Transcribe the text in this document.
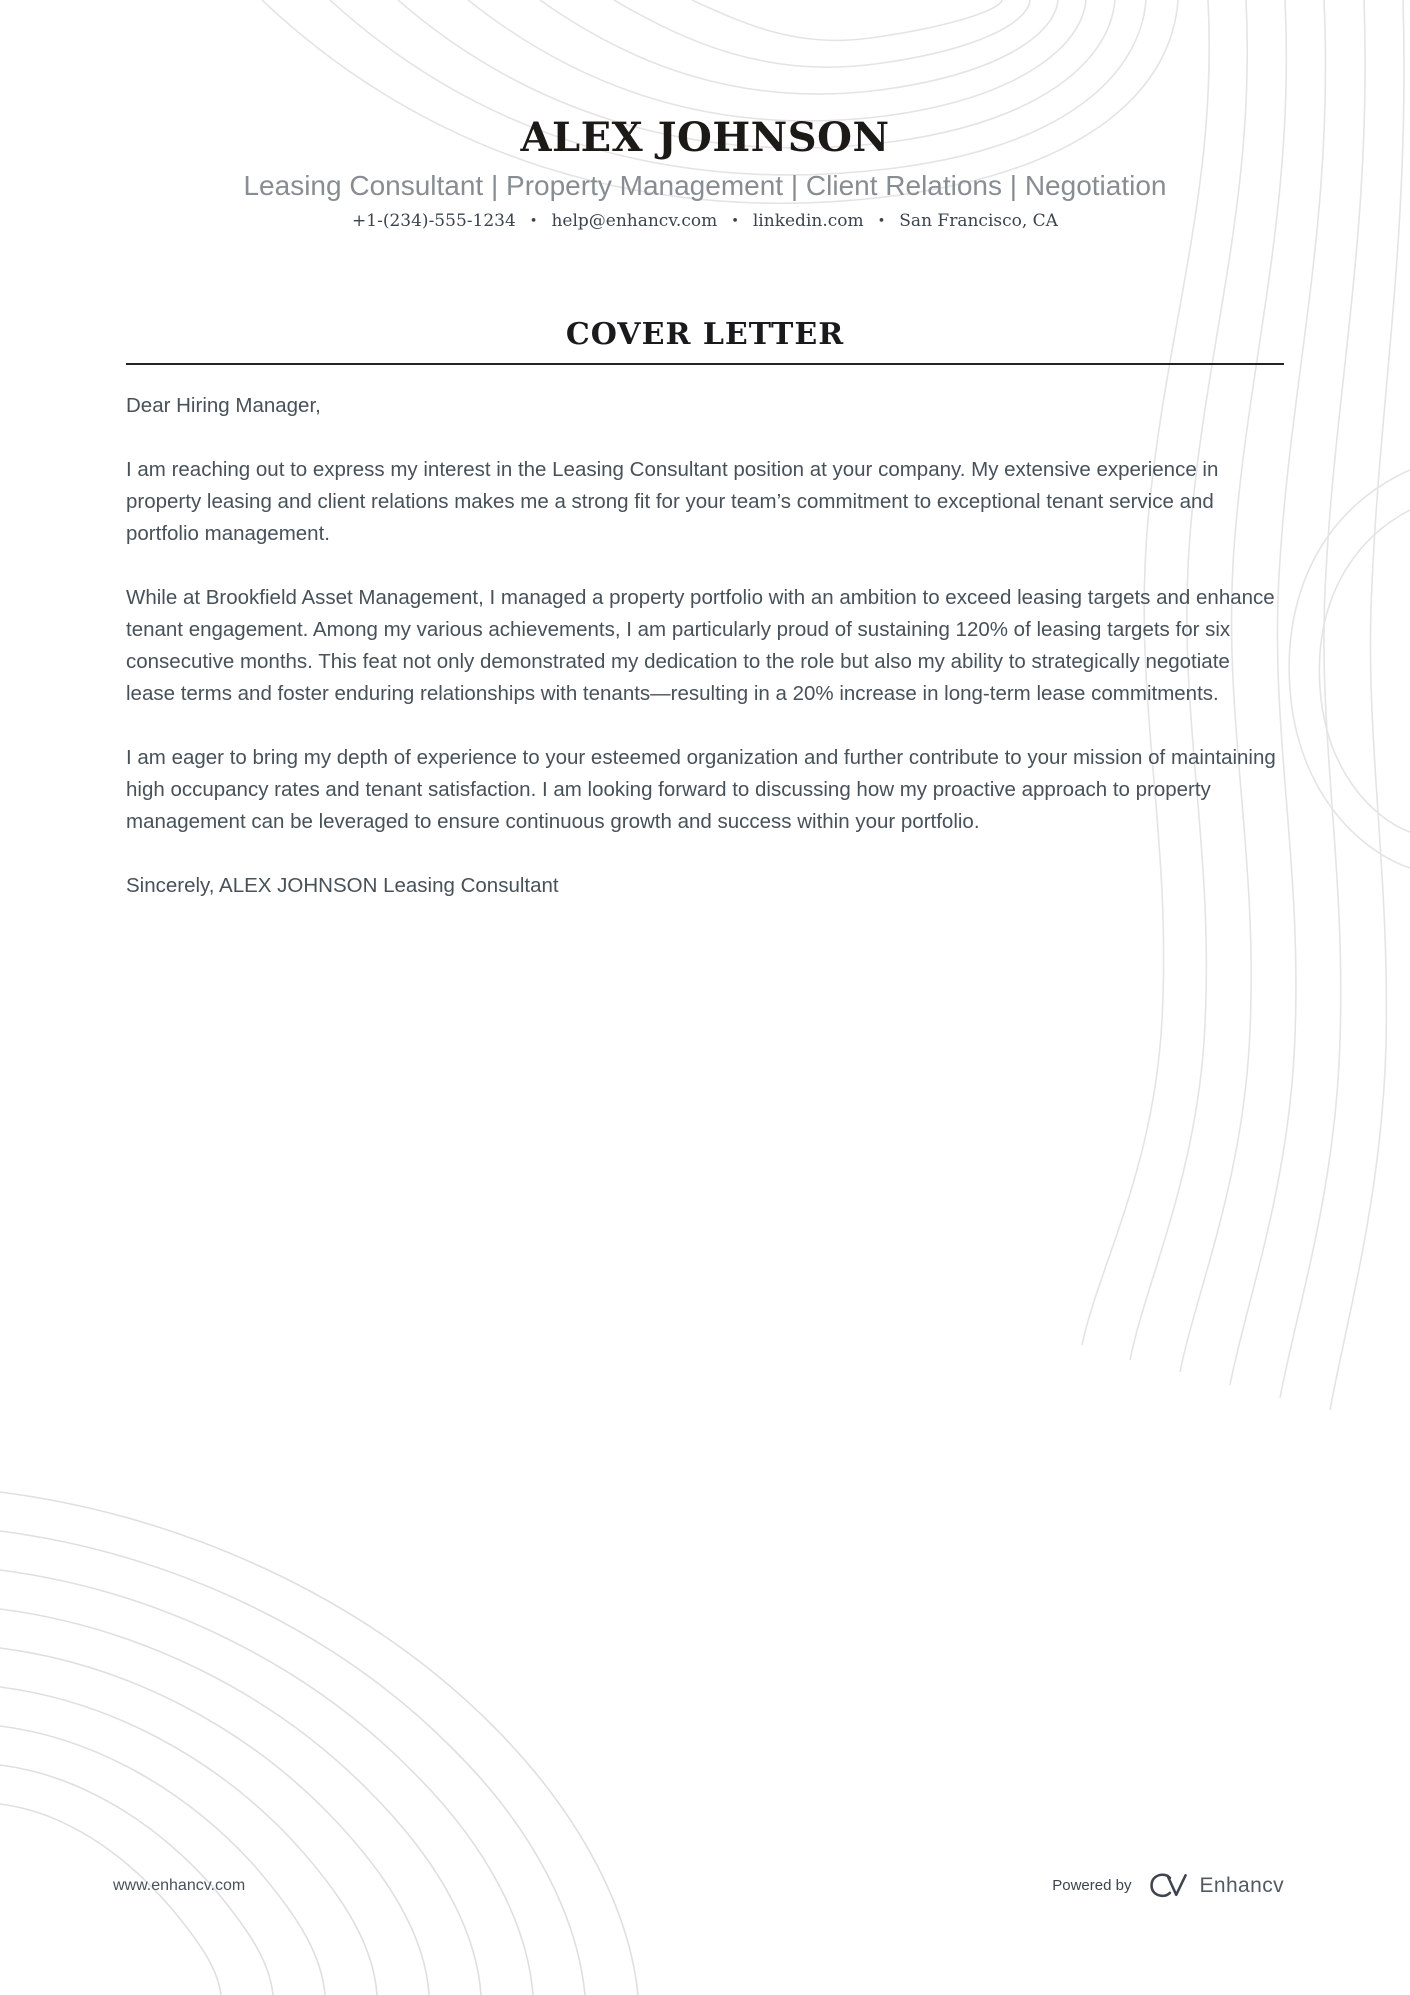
ALEX JOHNSON
Leasing Consultant | Property Management | Client Relations | Negotiation
+1-(234)-555-1234 • help@enhancv.com • linkedin.com • San Francisco, CA
COVER LETTER

Dear Hiring Manager,

I am reaching out to express my interest in the Leasing Consultant position at your company. My extensive experience in property leasing and client relations makes me a strong fit for your team’s commitment to exceptional tenant service and portfolio management.

While at Brookfield Asset Management, I managed a property portfolio with an ambition to exceed leasing targets and enhance tenant engagement. Among my various achievements, I am particularly proud of sustaining 120% of leasing targets for six consecutive months. This feat not only demonstrated my dedication to the role but also my ability to strategically negotiate lease terms and foster enduring relationships with tenants—resulting in a 20% increase in long-term lease commitments.

I am eager to bring my depth of experience to your esteemed organization and further contribute to your mission of maintaining high occupancy rates and tenant satisfaction. I am looking forward to discussing how my proactive approach to property management can be leveraged to ensure continuous growth and success within your portfolio.

Sincerely, ALEX JOHNSON Leasing Consultant

www.enhancv.com	Powered by	Enhancv
